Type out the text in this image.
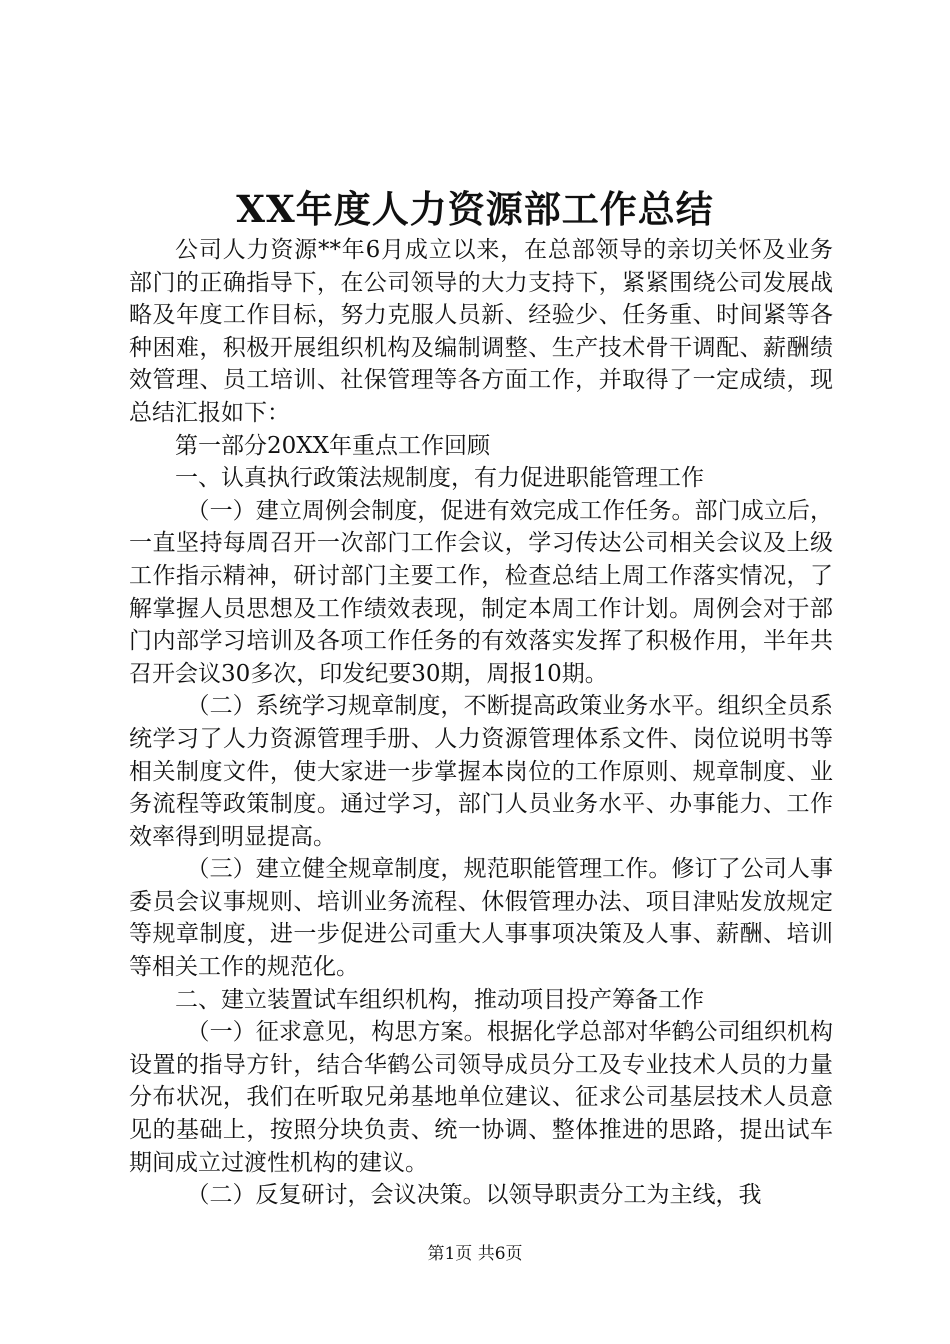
XX年度人力资源部工作总结

公司人力资源**年6月成立以来，在总部领导的亲切关怀及业务部门的正确指导下，在公司领导的大力支持下，紧紧围绕公司发展战略及年度工作目标，努力克服人员新、经验少、任务重、时间紧等各种困难，积极开展组织机构及编制调整、生产技术骨干调配、薪酬绩效管理、员工培训、社保管理等各方面工作，并取得了一定成绩，现总结汇报如下：

第一部分20XX年重点工作回顾

一、认真执行政策法规制度，有力促进职能管理工作

（一）建立周例会制度，促进有效完成工作任务。部门成立后，一直坚持每周召开一次部门工作会议，学习传达公司相关会议及上级工作指示精神，研讨部门主要工作，检查总结上周工作落实情况，了解掌握人员思想及工作绩效表现，制定本周工作计划。周例会对于部门内部学习培训及各项工作任务的有效落实发挥了积极作用，半年共召开会议30多次，印发纪要30期，周报10期。

（二）系统学习规章制度，不断提高政策业务水平。组织全员系统学习了人力资源管理手册、人力资源管理体系文件、岗位说明书等相关制度文件，使大家进一步掌握本岗位的工作原则、规章制度、业务流程等政策制度。通过学习，部门人员业务水平、办事能力、工作效率得到明显提高。

（三）建立健全规章制度，规范职能管理工作。修订了公司人事委员会议事规则、培训业务流程、休假管理办法、项目津贴发放规定等规章制度，进一步促进公司重大人事事项决策及人事、薪酬、培训等相关工作的规范化。

二、建立装置试车组织机构，推动项目投产筹备工作

（一）征求意见，构思方案。根据化学总部对华鹤公司组织机构设置的指导方针，结合华鹤公司领导成员分工及专业技术人员的力量分布状况，我们在听取兄弟基地单位建议、征求公司基层技术人员意见的基础上，按照分块负责、统一协调、整体推进的思路，提出试车期间成立过渡性机构的建议。

（二）反复研讨，会议决策。以领导职责分工为主线，我

第1页 共6页
